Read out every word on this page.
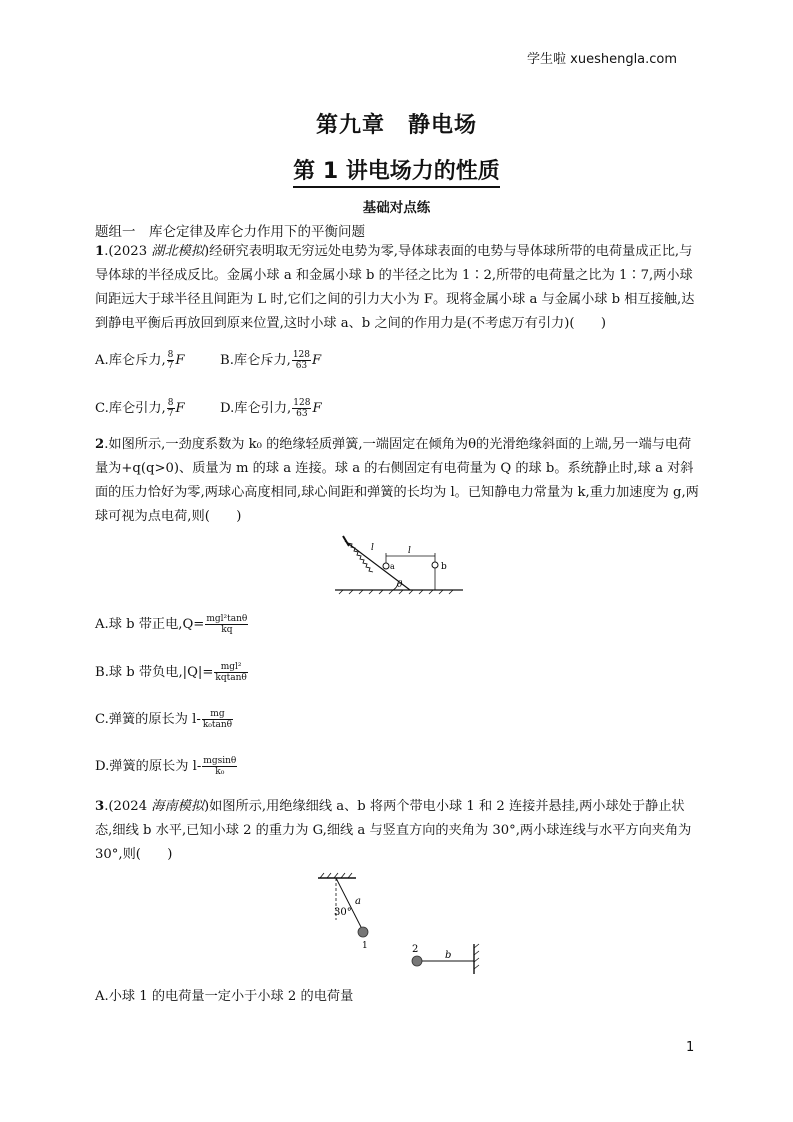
学生啦 xueshengla.com
第九章　静电场
第 1 讲电场力的性质
基础对点练
题组一　库仑定律及库仑力作用下的平衡问题
1.(2023 湖北模拟)经研究表明取无穷远处电势为零,导体球表面的电势与导体球所带的电荷量成正比,与导体球的半径成反比。金属小球 a 和金属小球 b 的半径之比为 1∶2,所带的电荷量之比为 1∶7,两小球间距远大于球半径且间距为 L 时,它们之间的引力大小为 F。现将金属小球 a 与金属小球 b 相互接触,达到静电平衡后再放回到原来位置,这时小球 a、b 之间的作用力是(不考虑万有引力)(　　)
A.库仑斥力, $\frac{8}{7}$ F	B.库仑斥力, $\frac{128}{63}$ F
C.库仑引力, $\frac{8}{7}$ F	D.库仑引力, $\frac{128}{63}$ F
2.如图所示,一劲度系数为 k₀ 的绝缘轻质弹簧,一端固定在倾角为θ的光滑绝缘斜面的上端,另一端与电荷量为+q(q>0)、质量为 m 的球 a 连接。球 a 的右侧固定有电荷量为 Q 的球 b。系统静止时,球 a 对斜面的压力恰好为零,两球心高度相同,球心间距和弹簧的长均为 l。已知静电力常量为 k,重力加速度为 g,两球可视为点电荷,则(　　)
l	l
a	b
θ
A.球 b 带正电$,Q= \frac{\text{mgl²tanθ}}{kq}$
B.球 b 带负电$,|Q|= \frac{\text{mgl²}}{kqtan\theta}$
C.弹簧的原长为 $l- \frac{mg}{\text{k₀tanθ}}$
D.弹簧的原长为 $l- \frac{mgsin\theta}{\text{k₀}}$
3.(2024 海南模拟)如图所示,用绝缘细线 a、b 将两个带电小球 1 和 2 连接并悬挂,两小球处于静止状态,细线 b 水平,已知小球 2 的重力为 G,细线 a 与竖直方向的夹角为 30°,两小球连线与水平方向夹角为 30°,则(　　)
30°
a
1	2
b
A.小球 1 的电荷量一定小于小球 2 的电荷量
1
